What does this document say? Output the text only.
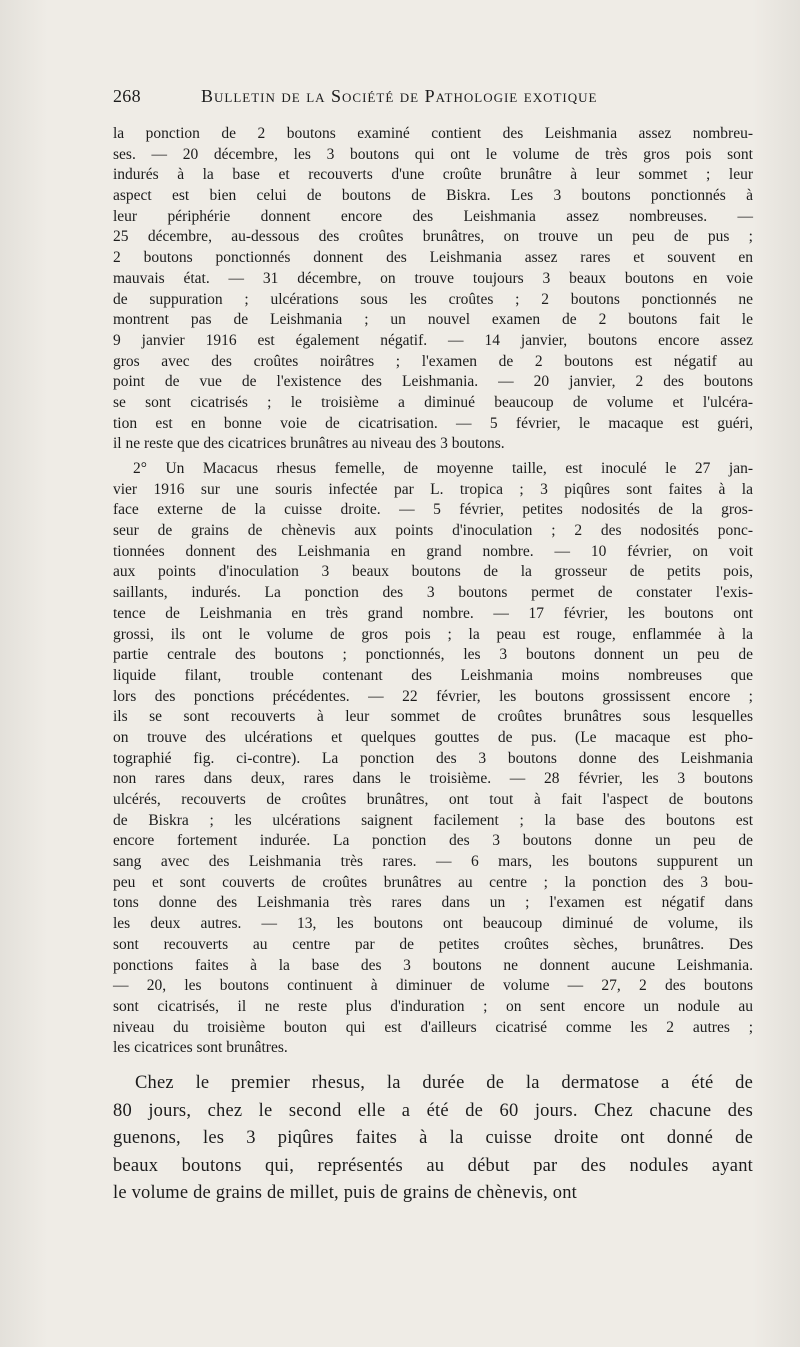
268	Bulletin de la Société de Pathologie exotique
la ponction de 2 boutons examiné contient des Leishmania assez nombreu-
ses. — 20 décembre, les 3 boutons qui ont le volume de très gros pois sont
indurés à la base et recouverts d'une croûte brunâtre à leur sommet ; leur
aspect est bien celui de boutons de Biskra. Les 3 boutons ponctionnés à
leur périphérie donnent encore des Leishmania assez nombreuses. —
25 décembre, au-dessous des croûtes brunâtres, on trouve un peu de pus ;
2 boutons ponctionnés donnent des Leishmania assez rares et souvent en
mauvais état. — 31 décembre, on trouve toujours 3 beaux boutons en voie
de suppuration ; ulcérations sous les croûtes ; 2 boutons ponctionnés ne
montrent pas de Leishmania ; un nouvel examen de 2 boutons fait le
9 janvier 1916 est également négatif. — 14 janvier, boutons encore assez
gros avec des croûtes noirâtres ; l'examen de 2 boutons est négatif au
point de vue de l'existence des Leishmania. — 20 janvier, 2 des boutons
se sont cicatrisés ; le troisième a diminué beaucoup de volume et l'ulcéra-
tion est en bonne voie de cicatrisation. — 5 février, le macaque est guéri,
il ne reste que des cicatrices brunâtres au niveau des 3 boutons.
2° Un Macacus rhesus femelle, de moyenne taille, est inoculé le 27 jan-
vier 1916 sur une souris infectée par L. tropica ; 3 piqûres sont faites à la
face externe de la cuisse droite. — 5 février, petites nodosités de la gros-
seur de grains de chènevis aux points d'inoculation ; 2 des nodosités ponc-
tionnées donnent des Leishmania en grand nombre. — 10 février, on voit
aux points d'inoculation 3 beaux boutons de la grosseur de petits pois,
saillants, indurés. La ponction des 3 boutons permet de constater l'exis-
tence de Leishmania en très grand nombre. — 17 février, les boutons ont
grossi, ils ont le volume de gros pois ; la peau est rouge, enflammée à la
partie centrale des boutons ; ponctionnés, les 3 boutons donnent un peu de
liquide filant, trouble contenant des Leishmania moins nombreuses que
lors des ponctions précédentes. — 22 février, les boutons grossissent encore ;
ils se sont recouverts à leur sommet de croûtes brunâtres sous lesquelles
on trouve des ulcérations et quelques gouttes de pus. (Le macaque est pho-
tographié fig. ci-contre). La ponction des 3 boutons donne des Leishmania
non rares dans deux, rares dans le troisième. — 28 février, les 3 boutons
ulcérés, recouverts de croûtes brunâtres, ont tout à fait l'aspect de boutons
de Biskra ; les ulcérations saignent facilement ; la base des boutons est
encore fortement indurée. La ponction des 3 boutons donne un peu de
sang avec des Leishmania très rares. — 6 mars, les boutons suppurent un
peu et sont couverts de croûtes brunâtres au centre ; la ponction des 3 bou-
tons donne des Leishmania très rares dans un ; l'examen est négatif dans
les deux autres. — 13, les boutons ont beaucoup diminué de volume, ils
sont recouverts au centre par de petites croûtes sèches, brunâtres. Des
ponctions faites à la base des 3 boutons ne donnent aucune Leishmania.
— 20, les boutons continuent à diminuer de volume — 27, 2 des boutons
sont cicatrisés, il ne reste plus d'induration ; on sent encore un nodule au
niveau du troisième bouton qui est d'ailleurs cicatrisé comme les 2 autres ;
les cicatrices sont brunâtres.
Chez le premier rhesus, la durée de la dermatose a été de
80 jours, chez le second elle a été de 60 jours. Chez chacune des
guenons, les 3 piqûres faites à la cuisse droite ont donné de
beaux boutons qui, représentés au début par des nodules ayant
le volume de grains de millet, puis de grains de chènevis, ont
